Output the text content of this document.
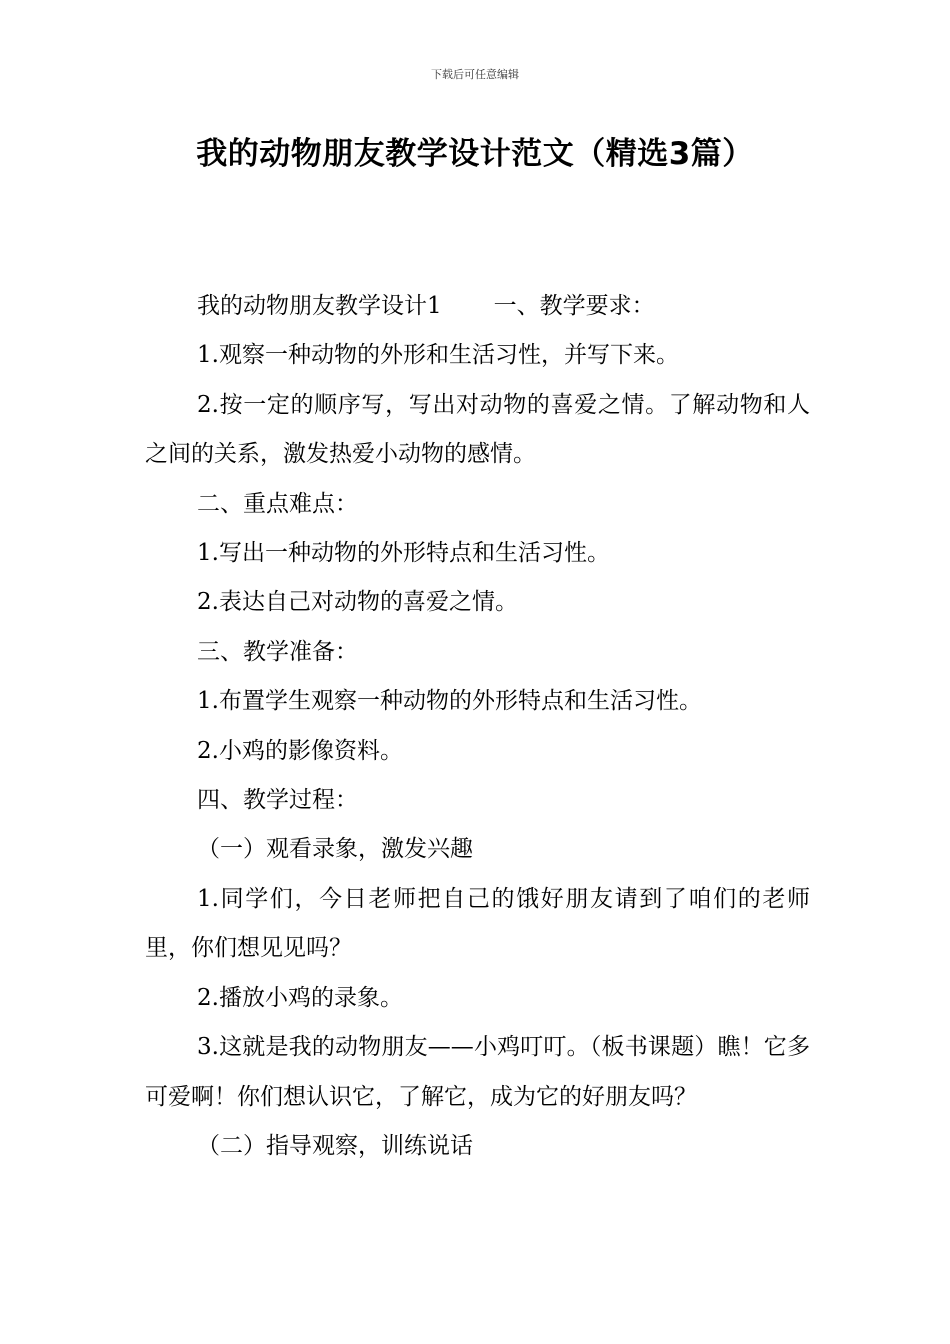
下载后可任意编辑
我的动物朋友教学设计范文（精选3篇）

我的动物朋友教学设计1 一、教学要求：

1.观察一种动物的外形和生活习性，并写下来。

2.按一定的顺序写，写出对动物的喜爱之情。了解动物和人之间的关系，激发热爱小动物的感情。

二、重点难点：

1.写出一种动物的外形特点和生活习性。

2.表达自己对动物的喜爱之情。

三、教学准备：

1.布置学生观察一种动物的外形特点和生活习性。

2.小鸡的影像资料。

四、教学过程：

（一）观看录象，激发兴趣

1.同学们，今日老师把自己的饿好朋友请到了咱们的老师里，你们想见见吗？

2.播放小鸡的录象。

3.这就是我的动物朋友——小鸡叮叮。（板书课题）瞧！它多可爱啊！你们想认识它，了解它，成为它的好朋友吗？

（二）指导观察，训练说话
